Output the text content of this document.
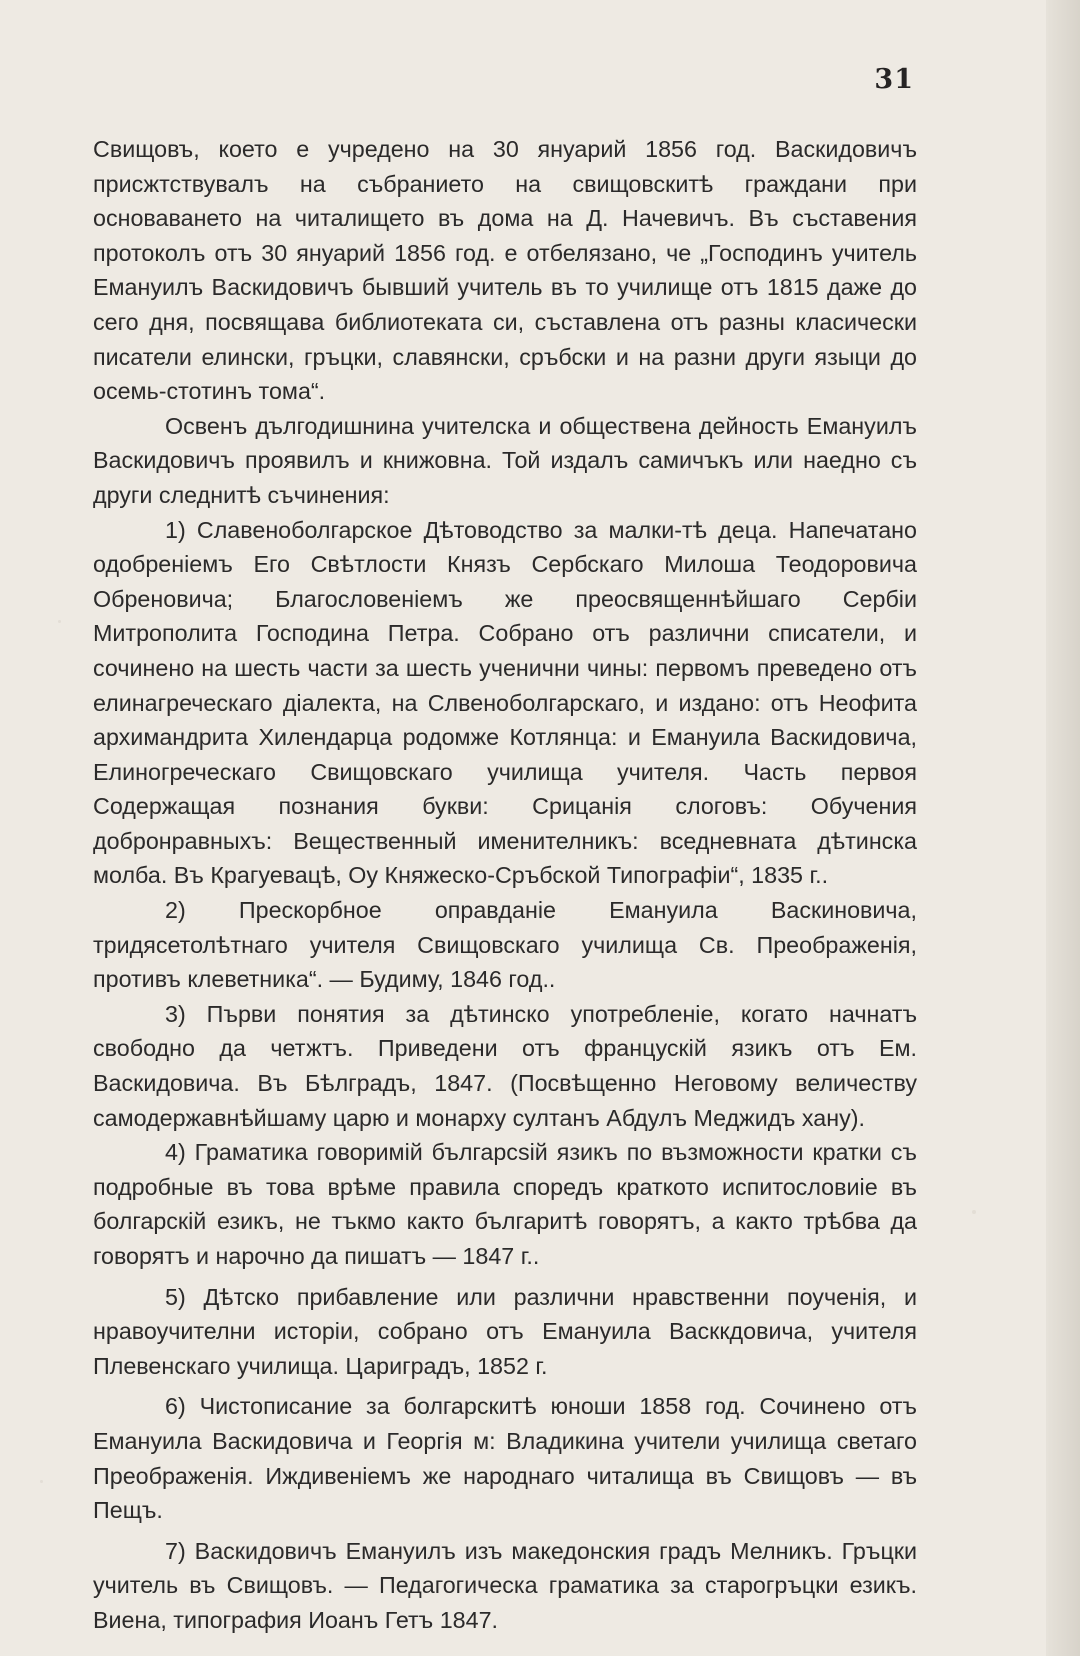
31

Свищовъ, което е учредено на 30 януарий 1856 год. Васкидовичъ присжтствувалъ на събранието на свищовскитѣ граждани при основаването на читалището въ дома на Д. Начевичъ. Въ съставения протоколъ отъ 30 януарий 1856 год. е отбелязано, че „Господинъ учитель Емануилъ Васкидовичъ бывший учитель въ то училище отъ 1815 даже до сего дня, посвящава библиотеката си, съставлена отъ разны класически писатели елински, гръцки, славянски, сръбски и на разни други языци до осемь-стотинъ тома“.

Освенъ дългодишнина учителска и обществена дейность Емануилъ Васкидовичъ проявилъ и книжовна. Той издалъ самичъкъ или наедно съ други следнитѣ съчинения:

1) Славеноболгарское Дѣтоводство за малки-тѣ деца. Напечатано одобреніемъ Его Свѣтлости Князъ Сербскаго Милоша Теодоровича Обреновича; Благословеніемъ же преосвященнѣйшаго Сербіи Митрополита Господина Петра. Собрано отъ различни списатели, и сочинено на шесть части за шесть ученични чины: первомъ преведено отъ елинагреческаго діалекта, на Слвеноболгарскаго, и издано: отъ Неофита архимандрита Хилендарца родомже Котлянца: и Емануила Васкидовича, Елиногреческаго Свищовскаго училища учителя. Часть первоя Содержащая познания букви: Срицанія слоговъ: Обучения добронравныхъ: Вещественный именителникъ: вседневната дѣтинска молба. Въ Крагуевацѣ, Оу Княжеско-Сръбской Типографіи“, 1835 г..

2) Прескорбное оправданіе Емануила Васкиновича, тридясетолѣтнаго учителя Свищовскаго училища Св. Преображенія, противъ клеветника“. — Будиму, 1846 год..

3) Първи понятия за дѣтинско употребленіе, когато начнатъ свободно да четжтъ. Приведени отъ францускій язикъ отъ Ем. Васкидовича. Въ Бѣлградъ, 1847. (Посвѣщенно Неговому величеству самодержавнѣйшаму царю и монарху султанъ Абдулъ Меджидъ хану).

4) Граматика говоримій българсѕій язикъ по възможности кратки съ подробные въ това врѣме правила споредъ краткото испитословиіе въ болгарскій езикъ, не тъкмо както българитѣ говорятъ, а както трѣбва да говорятъ и нарочно да пишатъ — 1847 г..

5) Дѣтско прибавление или различни нравственни поученія, и нравоучителни исторіи, собрано отъ Емануила Васккдовича, учителя Плевенскаго училища. Цариградъ, 1852 г.

6) Чистописание за болгарскитѣ юноши 1858 год. Сочинено отъ Емануила Васкидовича и Георгія м: Владикина учители училища светаго Преображенія. Иждивеніемъ же народнаго читалища въ Свищовъ — въ Пещъ.

7) Васкидовичъ Емануилъ изъ македонския градъ Мелникъ. Гръцки учитель въ Свищовъ. — Педагогическа граматика за старогръцки езикъ. Виена, типография Иоанъ Гетъ 1847.
